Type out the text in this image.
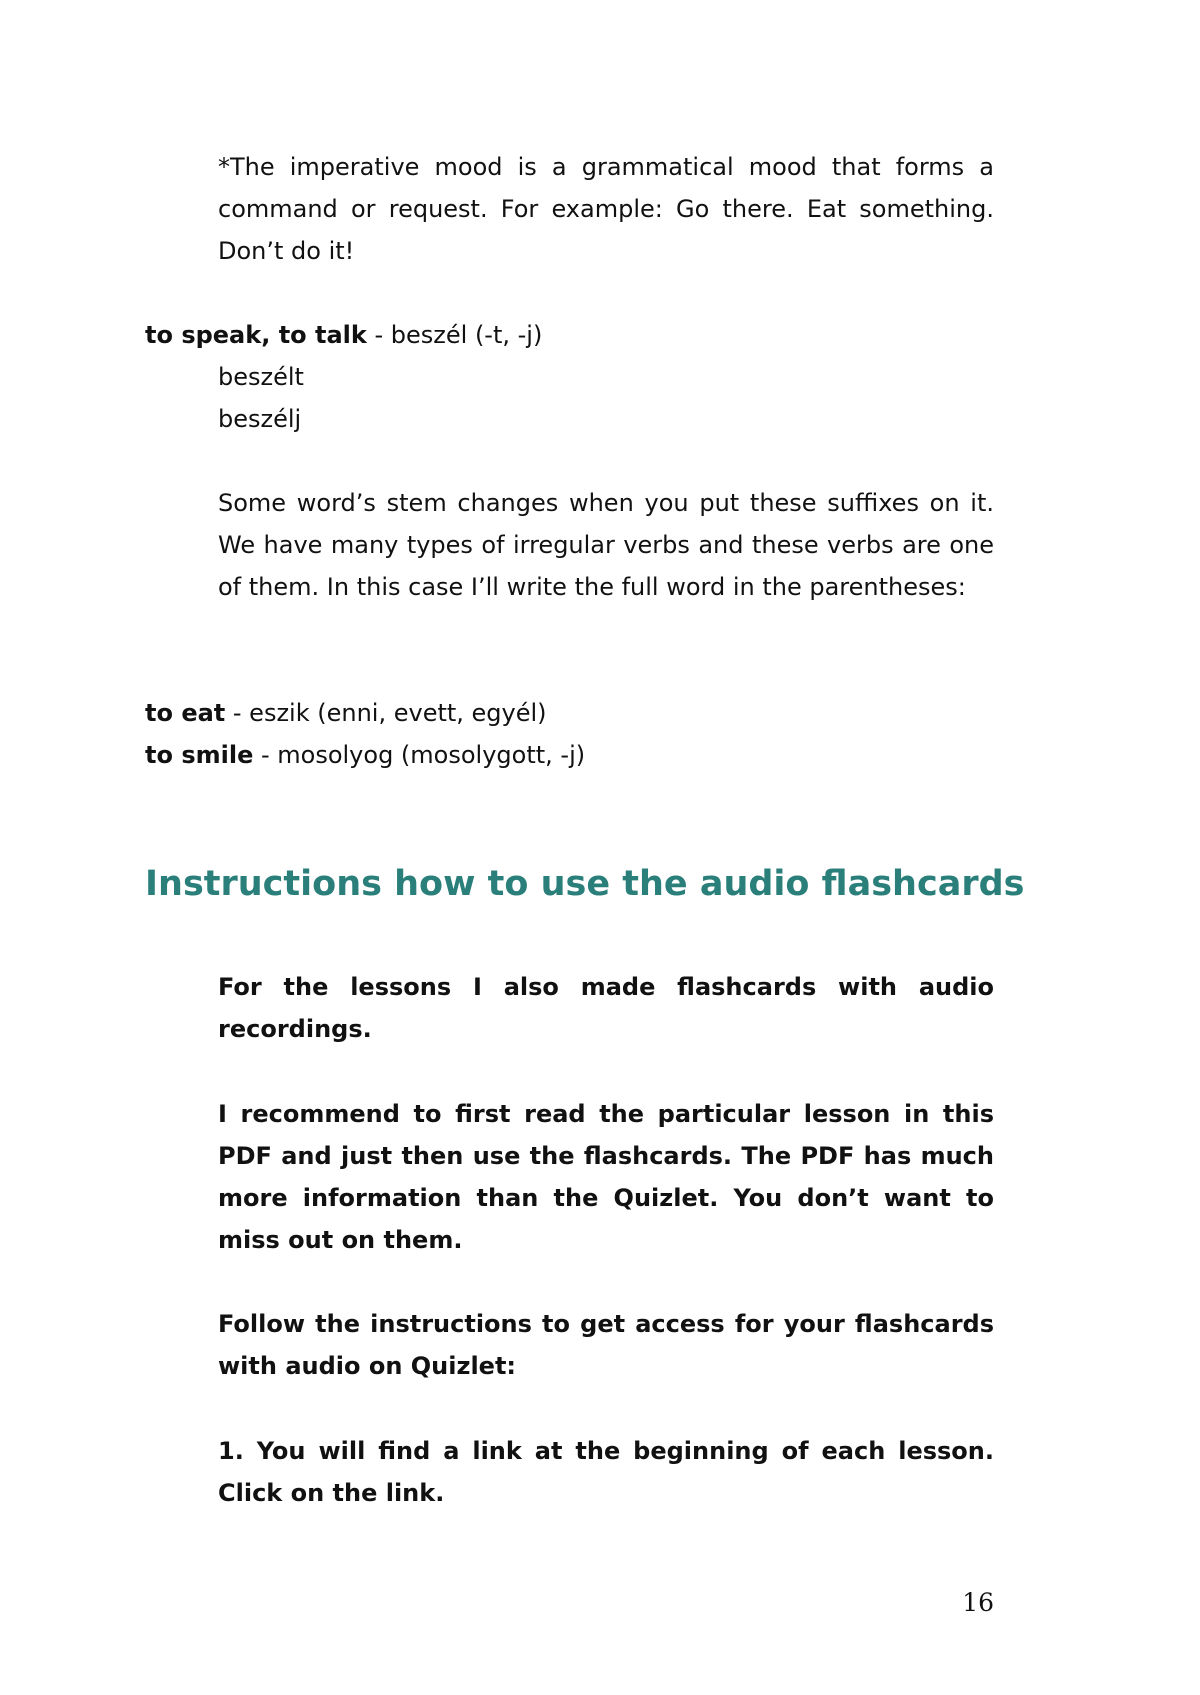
*The imperative mood is a grammatical mood that forms a command or request. For example: Go there. Eat something. Don’t do it!
to speak, to talk - beszél (-t, -j)
beszélt
beszélj
Some word’s stem changes when you put these suffixes on it. We have many types of irregular verbs and these verbs are one of them. In this case I’ll write the full word in the parentheses:
to eat - eszik (enni, evett, egyél)
to smile - mosolyog (mosolygott, -j)
Instructions how to use the audio flashcards
For the lessons I also made flashcards with audio recordings.
I recommend to first read the particular lesson in this PDF and just then use the flashcards. The PDF has much more information than the Quizlet. You don’t want to miss out on them.
Follow the instructions to get access for your flashcards with audio on Quizlet:
1. You will find a link at the beginning of each lesson. Click on the link.
16
